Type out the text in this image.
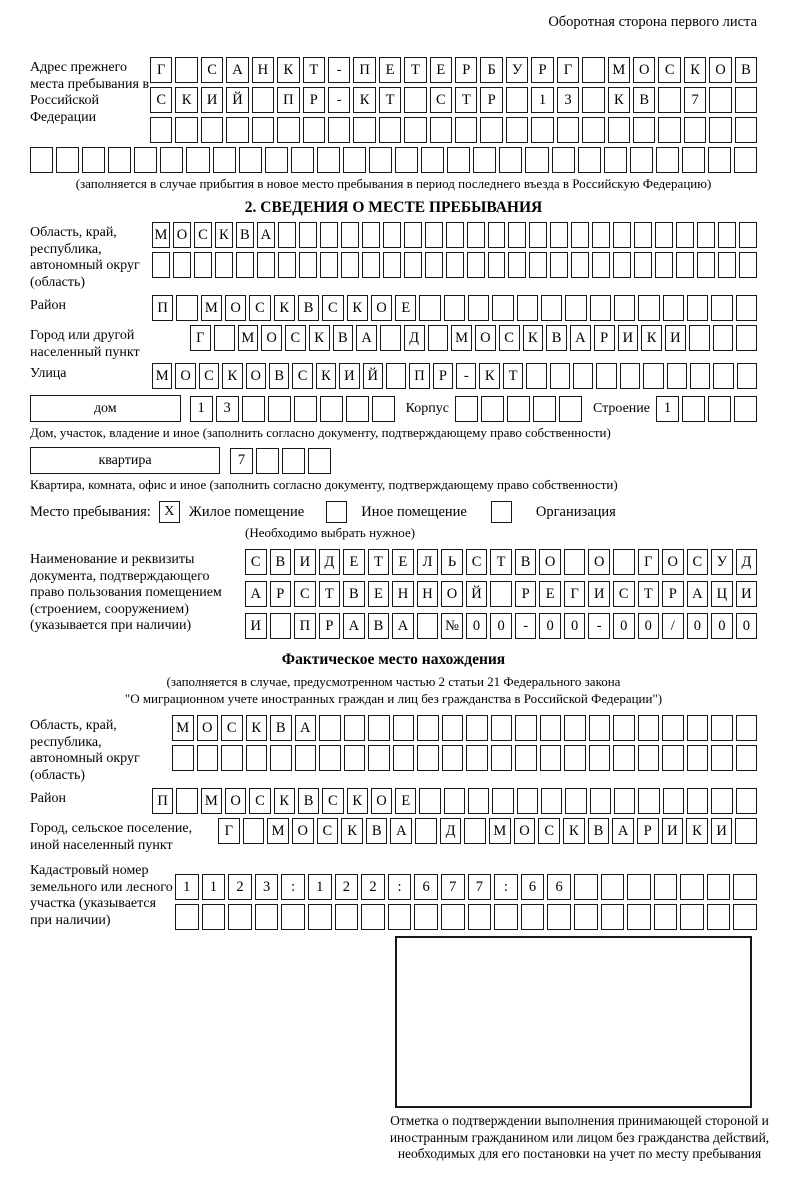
Оборотная сторона первого листа
Адрес прежнего места пребывания в Российской Федерации
Г	С	А	Н	К	Т	-	П	Е	Т	Е	Р	Б	У	Р	Г	М О	С	К	О	В
С	К	И	Й	П	Р	-	К	Т	С	Т	Р	1	3	К	В	7
(заполняется в случае прибытия в новое место пребывания в период последнего въезда в Российскую Федерацию)
2. СВЕДЕНИЯ О МЕСТЕ ПРЕБЫВАНИЯ
Область, край, республика, автономный округ (область)
М О С К В А
Район	П	М О С	К	В	С	К О	Е
Город или другой населенный пункт
Г	М О С К В А	Д	М О С К В А Р И К И
Улица	М О С К О В С К И Й	П Р	-	К Т
дом	1	3	Корпус	Строение 1
Дом, участок, владение и иное (заполнить согласно документу, подтверждающему право собственности)
квартира	7
Квартира, комната, офис и иное (заполнить согласно документу, подтверждающему право собственности)
Место пребывания: X Жилое помещение	Иное помещение	Организация
(Необходимо выбрать нужное)
Наименование и реквизиты документа, подтверждающего право пользования помещением (строением, сооружением) (указывается при наличии)
С	В И Д	Е	Т	Е	Л	Ь	С	Т	В О	О	Г	О С	У Д
А	Р	С	Т	В	Е	Н Н О Й	Р	Е	Г	И С	Т	Р	А Ц И
И	П	Р	А В А	№ 0	0	-	0	0	-	0	0	/	0	0	0
Фактическое место нахождения
(заполняется в случае, предусмотренном частью 2 статьи 21 Федерального закона
"О миграционном учете иностранных граждан и лиц без гражданства в Российской Федерации")
Область, край, республика, автономный округ (область)
М О С	К	В А
Район	П	М О С	К	В	С	К О	Е
Город, сельское поселение, иной населенный пункт
Г	М О	С	К	В	А	Д	М О	С	К	В	А	Р	И	К	И
Кадастровый номер земельного или лесного участка (указывается при наличии)
1	1	2	3	:	1	2	2	:	6	7	7	:	6	6
Отметка о подтверждении выполнения принимающей стороной и иностранным гражданином или лицом без гражданства действий, необходимых для его постановки на учет по месту пребывания
